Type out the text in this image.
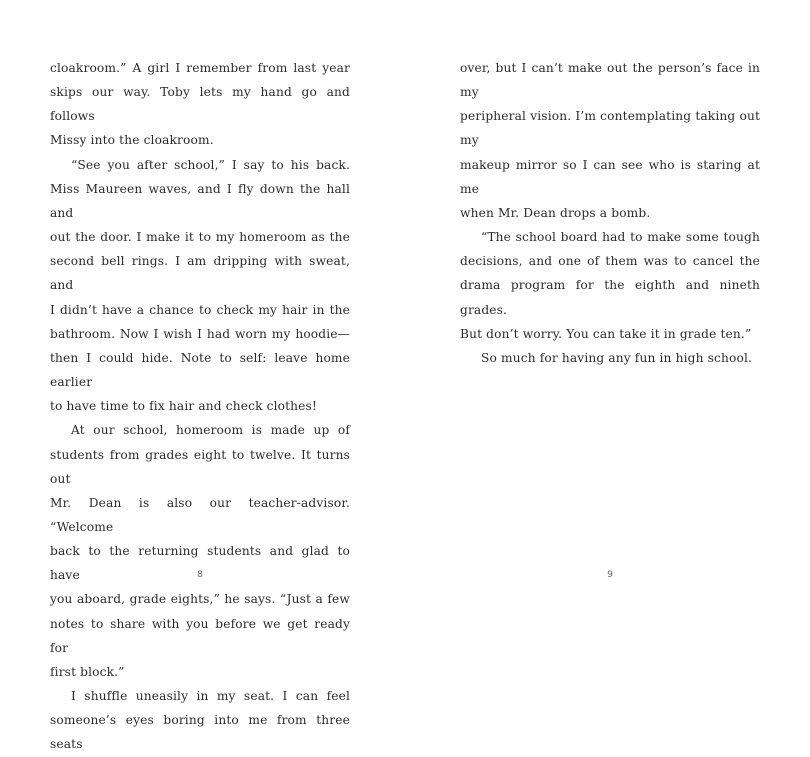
cloakroom.” A girl I remember from last year

skips our way. Toby lets my hand go and follows

Missy into the cloakroom.

“See you after school,” I say to his back.

Miss Maureen waves, and I fly down the hall and

out the door. I make it to my homeroom as the

second bell rings. I am dripping with sweat, and

I didn’t have a chance to check my hair in the

bathroom. Now I wish I had worn my hoodie—

then I could hide. Note to self: leave home earlier

to have time to fix hair and check clothes!

At our school, homeroom is made up of

students from grades eight to twelve. It turns out

Mr. Dean is also our teacher-advisor. “Welcome

back to the returning students and glad to have

you aboard, grade eights,” he says. “Just a few

notes to share with you before we get ready for

first block.”

I shuffle uneasily in my seat. I can feel

someone’s eyes boring into me from three seats

8

over, but I can’t make out the person’s face in my

peripheral vision. I’m contemplating taking out my

makeup mirror so I can see who is staring at me

when Mr. Dean drops a bomb.

“The school board had to make some tough

decisions, and one of them was to cancel the

drama program for the eighth and nineth grades.

But don’t worry. You can take it in grade ten.”

So much for having any fun in high school.

9
